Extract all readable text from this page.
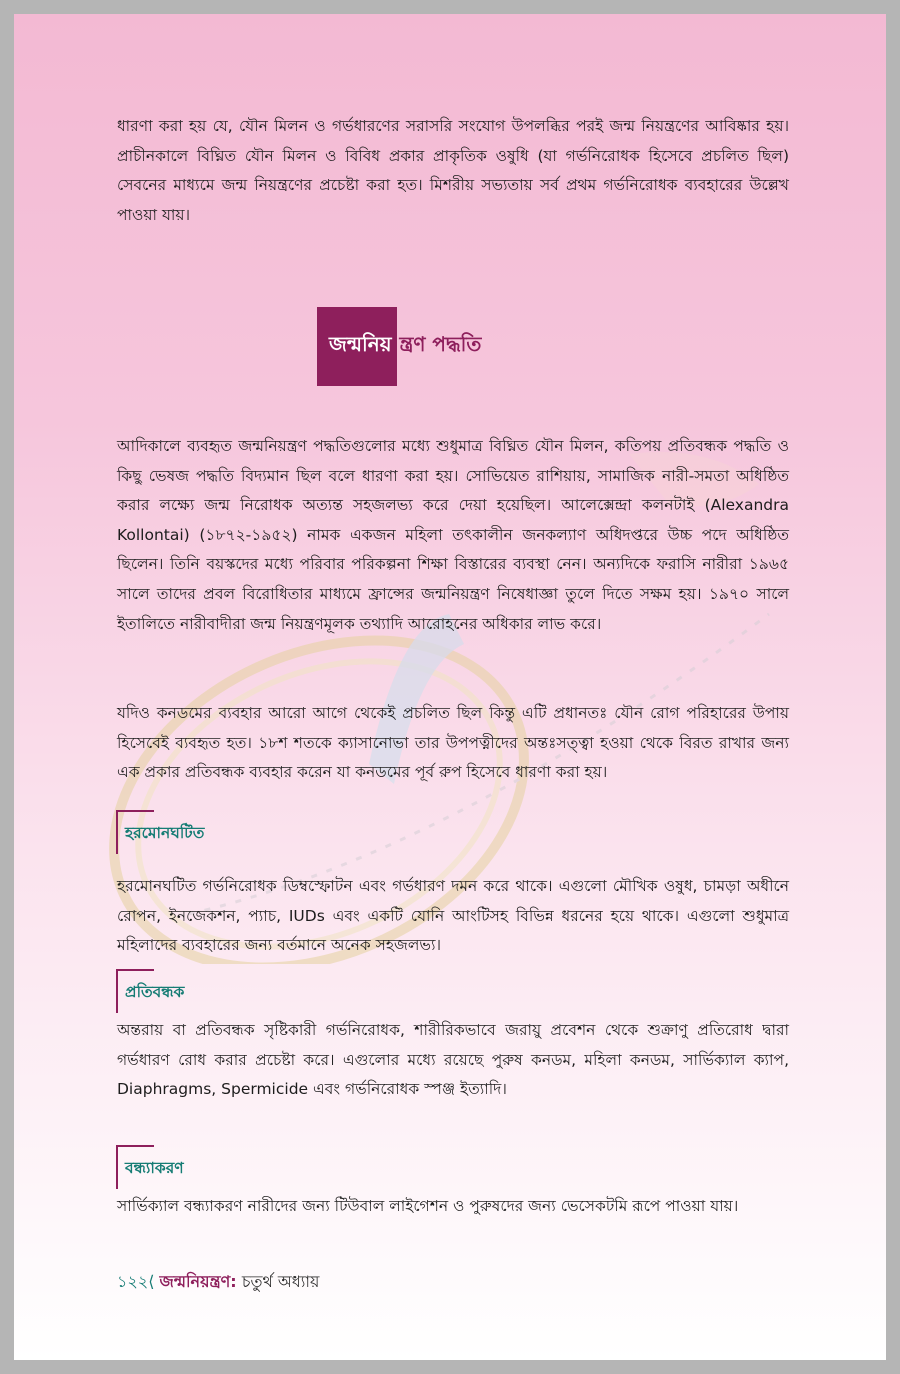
ধারণা করা হয় যে, যৌন মিলন ও গর্ভধারণের সরাসরি সংযোগ উপলব্ধির পরই জন্ম নিয়ন্ত্রণের আবিষ্কার হয়। প্রাচীনকালে বিঘ্নিত যৌন মিলন ও বিবিধ প্রকার প্রাকৃতিক ওষুধি (যা গর্ভনিরোধক হিসেবে প্রচলিত ছিল) সেবনের মাধ্যমে জন্ম নিয়ন্ত্রণের প্রচেষ্টা করা হত। মিশরীয় সভ্যতায় সর্ব প্রথম গর্ভনিরোধক ব্যবহারের উল্লেখ পাওয়া যায়।

জন্মনিয় ন্ত্রণ পদ্ধতি

আদিকালে ব্যবহৃত জন্মনিয়ন্ত্রণ পদ্ধতিগুলোর মধ্যে শুধুমাত্র বিঘ্নিত যৌন মিলন, কতিপয় প্রতিবন্ধক পদ্ধতি ও কিছু ভেষজ পদ্ধতি বিদ্যমান ছিল বলে ধারণা করা হয়। সোভিয়েত রাশিয়ায়, সামাজিক নারী-সমতা অধিষ্ঠিত করার লক্ষ্যে জন্ম নিরোধক অত্যন্ত সহজলভ্য করে দেয়া হয়েছিল। আলেক্সেন্দ্রা কলনটাই (Alexandra Kollontai) (১৮৭২-১৯৫২) নামক একজন মহিলা তৎকালীন জনকল্যাণ অধিদপ্তরে উচ্চ পদে অধিষ্ঠিত ছিলেন। তিনি বয়স্কদের মধ্যে পরিবার পরিকল্পনা শিক্ষা বিস্তারের ব্যবস্থা নেন। অন্যদিকে ফরাসি নারীরা ১৯৬৫ সালে তাদের প্রবল বিরোধিতার মাধ্যমে ফ্রান্সের জন্মনিয়ন্ত্রণ নিষেধাজ্ঞা তুলে দিতে সক্ষম হয়। ১৯৭০ সালে ইতালিতে নারীবাদীরা জন্ম নিয়ন্ত্রণমূলক তথ্যাদি আরোহনের অধিকার লাভ করে।

যদিও কনডমের ব্যবহার আরো আগে থেকেই প্রচলিত ছিল কিন্তু এটি প্রধানতঃ যৌন রোগ পরিহারের উপায় হিসেবেই ব্যবহৃত হত। ১৮শ শতকে ক্যাসানোভা তার উপপত্নীদের অন্তঃসত্ত্বা হওয়া থেকে বিরত রাখার জন্য এক প্রকার প্রতিবন্ধক ব্যবহার করেন যা কনডমের পূর্ব রুপ হিসেবে ধারণা করা হয়।

হরমোনঘটিত

হরমোনঘটিত গর্ভনিরোধক ডিম্বস্ফোটন এবং গর্ভধারণ দমন করে থাকে। এগুলো মৌখিক ওষুধ, চামড়া অধীনে রোপন, ইনজেকশন, প্যাচ, IUDs এবং একটি যোনি আংটিসহ বিভিন্ন ধরনের হয়ে থাকে। এগুলো শুধুমাত্র মহিলাদের ব্যবহারের জন্য বর্তমানে অনেক সহজলভ্য।

প্রতিবন্ধক

অন্তরায় বা প্রতিবন্ধক সৃষ্টিকারী গর্ভনিরোধক, শারীরিকভাবে জরায়ু প্রবেশন থেকে শুক্রাণু প্রতিরোধ দ্বারা গর্ভধারণ রোধ করার প্রচেষ্টা করে। এগুলোর মধ্যে রয়েছে পুরুষ কনডম, মহিলা কনডম, সার্ভিক্যাল ক্যাপ, Diaphragms, Spermicide এবং গর্ভনিরোধক স্পঞ্জ ইত্যাদি।

বন্ধ্যাকরণ

সার্ভিক্যাল বন্ধ্যাকরণ নারীদের জন্য টিউবাল লাইগেশন ও পুরুষদের জন্য ভেসেকটমি রূপে পাওয়া যায়।

১২২⟨ জন্মনিয়ন্ত্রণ: চতুর্থ অধ্যায়
